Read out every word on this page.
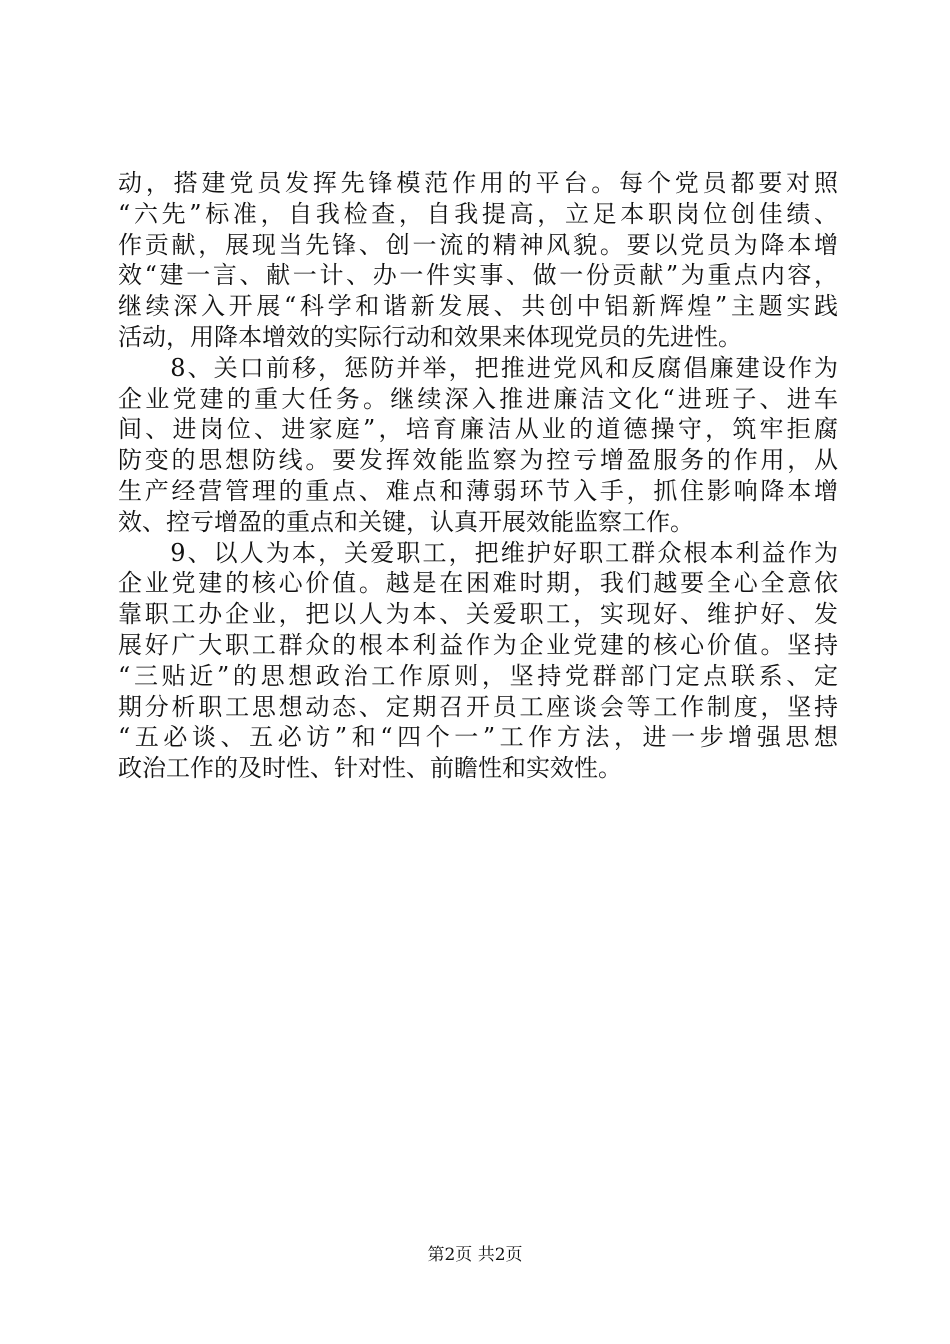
动，搭建党员发挥先锋模范作用的平台。每个党员都要对照
“六先”标准，自我检查，自我提高，立足本职岗位创佳绩、
作贡献，展现当先锋、创一流的精神风貌。要以党员为降本增
效“建一言、献一计、办一件实事、做一份贡献”为重点内容，
继续深入开展“科学和谐新发展、共创中铝新辉煌”主题实践
活动，用降本增效的实际行动和效果来体现党员的先进性。
　　8、关口前移，惩防并举，把推进党风和反腐倡廉建设作为
企业党建的重大任务。继续深入推进廉洁文化“进班子、进车
间、进岗位、进家庭”，培育廉洁从业的道德操守，筑牢拒腐
防变的思想防线。要发挥效能监察为控亏增盈服务的作用，从
生产经营管理的重点、难点和薄弱环节入手，抓住影响降本增
效、控亏增盈的重点和关键，认真开展效能监察工作。
　　9、以人为本，关爱职工，把维护好职工群众根本利益作为
企业党建的核心价值。越是在困难时期，我们越要全心全意依
靠职工办企业，把以人为本、关爱职工，实现好、维护好、发
展好广大职工群众的根本利益作为企业党建的核心价值。坚持
“三贴近”的思想政治工作原则，坚持党群部门定点联系、定
期分析职工思想动态、定期召开员工座谈会等工作制度，坚持
“五必谈、五必访”和“四个一”工作方法，进一步增强思想
政治工作的及时性、针对性、前瞻性和实效性。
第2页 共2页
